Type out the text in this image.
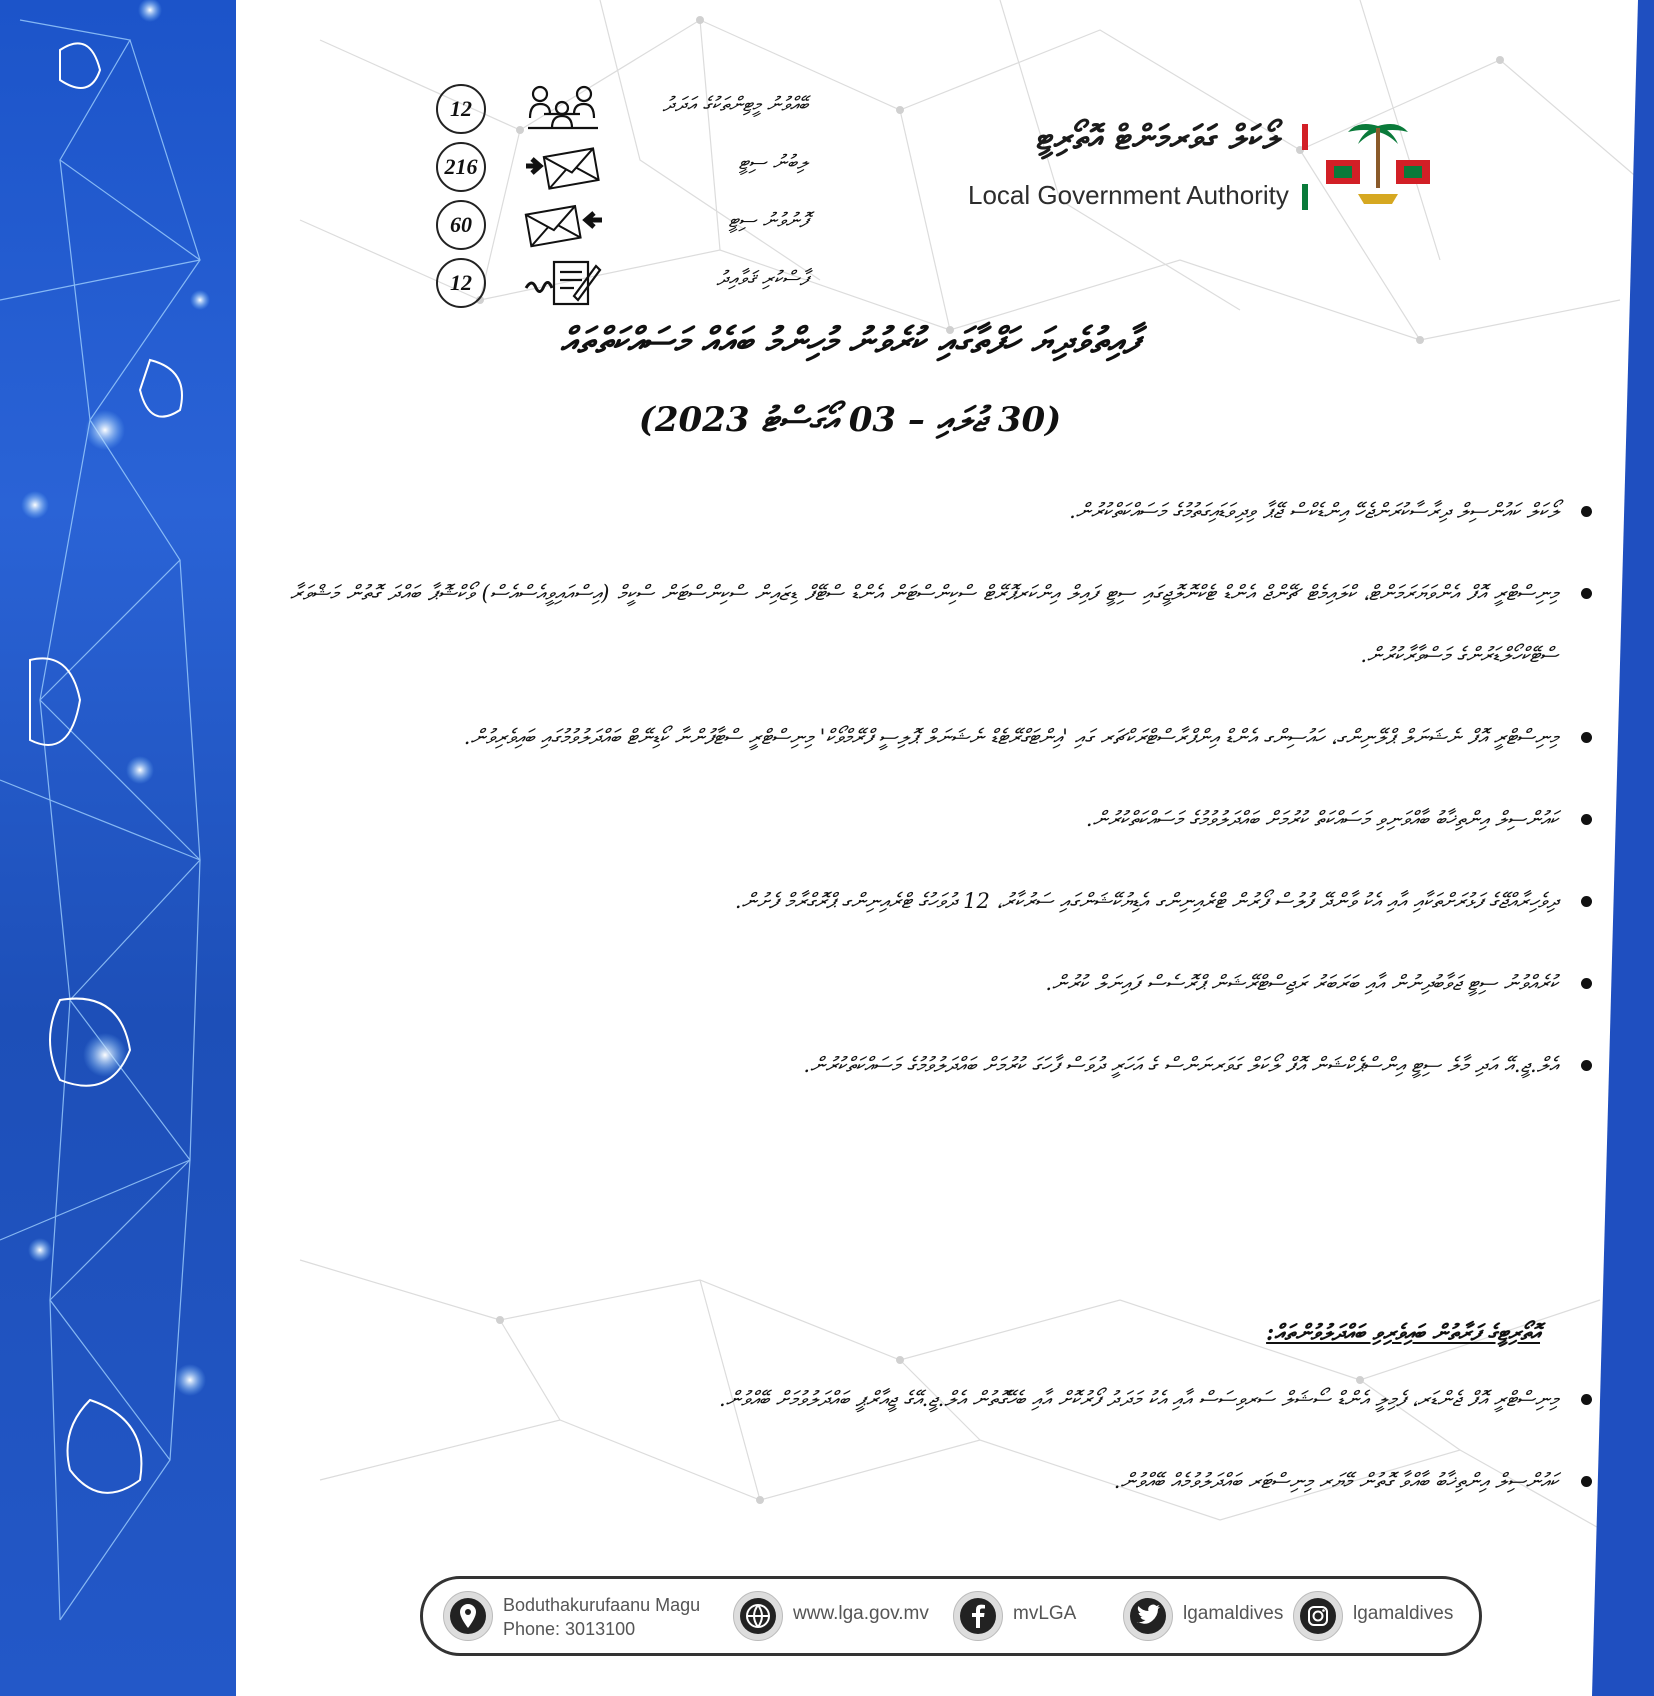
12	ބޭއްވުނު މީޓިންތަކުގެ އަދަދު
216	ލިބުނު ސިޓީ
60	ފޮނުވުނު ސިޓީ
12	ފާސްކުރި ޤަވާއިދު
ލޯކަލް ގަވަރމަންޓް އޮތޯރިޓީ
Local Government Authority
ފާއިތުވެދިޔަ ހަފްތާގައި ކުރެވުނު މުހިންމު ބައެއް މަސައްކަތްތައް
(30 ޖުލައި – 03 އޯގަސްޓު 2023)

ލޯކަލް ކައުންސިލް ދިރާސާކުރަންޖެހޭ އިންޑެކްސް ޖޭޕާ ވިދިވަޑައިގަތުމުގެ މަސައްކަތްކުރުން.

މިނިސްޓްރީ އޮފް އެންވަޔަރަމަންޓް، ކްލައިމެޓް ޗޭންޖް އެންޑް ޓެކްނޮލޮޖީގައި ސިޓީ ފައިލް އިންކަރޕޮރޭޓް ސްކިންސްޓަން އެންޑް ސްޓޭފް ޑިޒައިން ސްކިންސްޓަން ސްކީމް (އިސްއައިވީއެސްއެސް) ވޯކްޝޮޕާ ބައްދަ ގޮތުން މަޝްވަރާ ސްޓޭކްހޯލްޑަރުންގެ މަސްވާރާކުރުން.

މިނިސްޓްރީ އޮފް ނެޝަނަލް ޕްލޭނިންގ، ހައުސިންގ އެންޑް އިންފްރާސްޓްރަކްޗަރ ގައި 'އިންޓަގްރޭޓެޑް ނެޝަނަލް ޕޮލިސީ ފްރޭމްވޯކް' މިނިސްޓްރީ ސްޓާފުންނާ ކޯޑިނޭޓް ބައްދަލުވުމުގައި ބައިވެރިވުން.

ކައުންސިލް އިންތިޚާބު ބާއްވަނިވި މަސައްކަތް ކުރުމަށް ބައްދަލުވުމުގެ މަސައްކަތްކުރުން.

ދިވެހިރާއްޖޭގެ ފަޅުރަށްތަކާއި އާއި އެކު ވާންދޭ ފުލުސް ފޯރުން ޓްރެއިނިންގ އެޑިޔުކޭޝަންގައި ސަރުކާރު، 12 ދުވަހުގެ ޓްރެއިނިންގ ޕްރޮގްރާމް ފެށުން.

ކުރެއްވުނު ސިޓީ ޖަވާބުދިނުން އާއި ބަރަބަރު ރަޖިސްޓްރޭޝަން ޕްރޮސެސް ފައިނަލް ކުރުން.

އެލް.ޖީ.އޭ އަދި މާލެ ސިޓީ އިންސްޕެކްޝަން އޮފް ލޯކަލް ގަވަރނަންސް ގެ އަހަރީ ދުވަސް ފާހަގަ ކުރުމަށް ބައްދަލުވުމުގެ މަސައްކަތްކުރުން.

އޮތޯރިޓީގެ ފަރާތުން ބައިވެރިވި ބައްދަލުވުންތައް:

މިނިސްޓްރީ އޮފް ޖެންޑަރ، ފެމިލީ އެންޑް ސޯޝަލް ސަރވިސަސް އާއި އެކު މަދަދު ފޯރުކޮށް އާއި ބެހޭގޮތުން އެލް.ޖީ.އޭގެ ޖީއާރްޕީ ބައްދަލުވުމަށް ބޭއްވުން.

ކައުންސިލް އިންތިޚާބު ބާއްވާ ގޮތުން މޭޔަރ މިނިސްޓަރ ބައްދަލުވުމެއް ބޭއްވުން.

Boduthakurufaanu Magu
Phone: 3013100
www.lga.gov.mv	mvLGA	lgamaldives	lgamaldives
